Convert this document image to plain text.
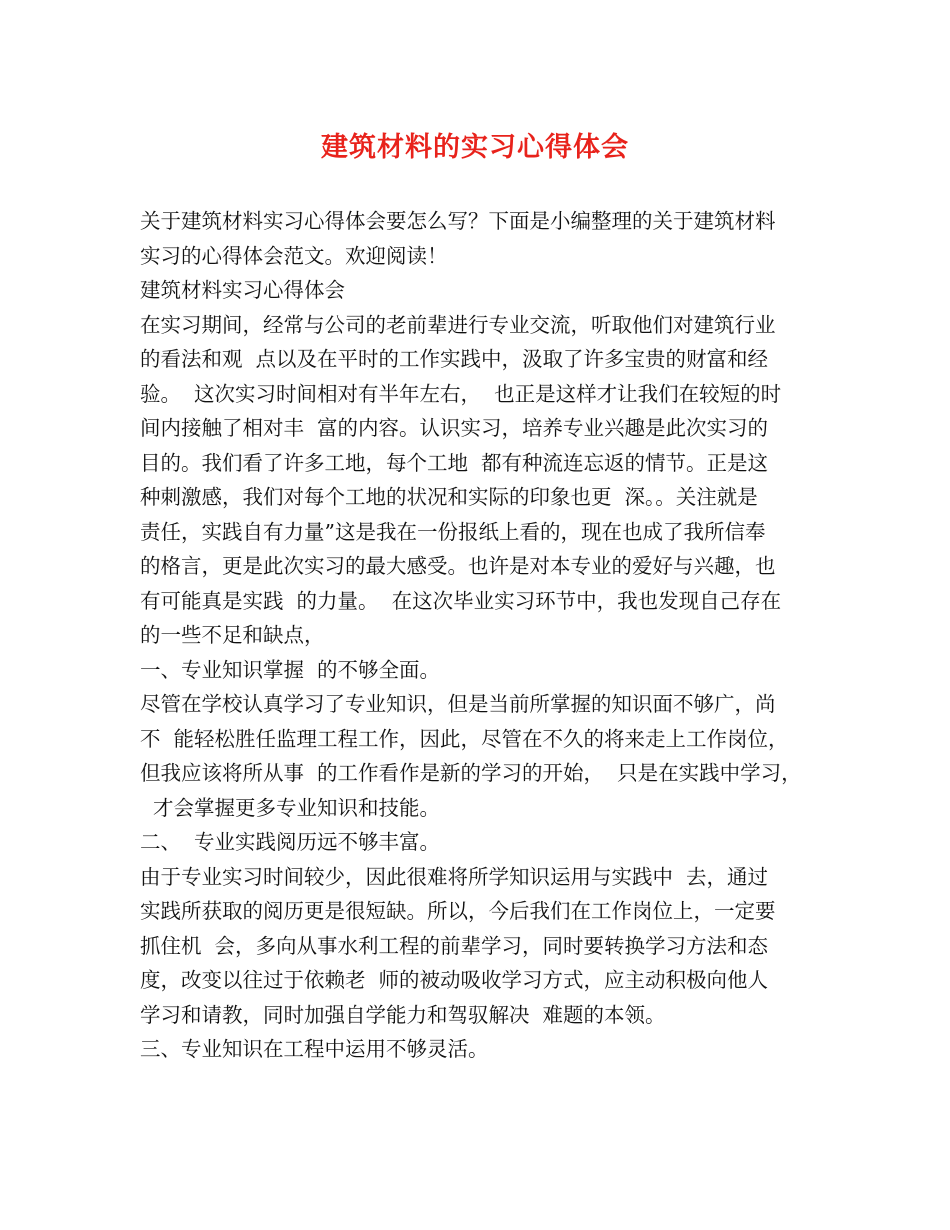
建筑材料的实习心得体会
关于建筑材料实习心得体会要怎么写？下面是小编整理的关于建筑材料
实习的心得体会范文。欢迎阅读！
建筑材料实习心得体会
在实习期间，经常与公司的老前辈进行专业交流，听取他们对建筑行业
的看法和观  点以及在平时的工作实践中，汲取了许多宝贵的财富和经
验。  这次实习时间相对有半年左右，  也正是这样才让我们在较短的时
间内接触了相对丰  富的内容。认识实习，培养专业兴趣是此次实习的
目的。我们看了许多工地，每个工地  都有种流连忘返的情节。正是这
种刺激感，我们对每个工地的状况和实际的印象也更  深。。关注就是
责任，实践自有力量”这是我在一份报纸上看的，现在也成了我所信奉
的格言，更是此次实习的最大感受。也许是对本专业的爱好与兴趣，也
有可能真是实践  的力量。  在这次毕业实习环节中，我也发现自己存在
的一些不足和缺点，
一、专业知识掌握  的不够全面。
尽管在学校认真学习了专业知识，但是当前所掌握的知识面不够广，尚
不  能轻松胜任监理工程工作，因此，尽管在不久的将来走上工作岗位，
但我应该将所从事  的工作看作是新的学习的开始，  只是在实践中学习，
才会掌握更多专业知识和技能。
二、  专业实践阅历远不够丰富。
由于专业实习时间较少，因此很难将所学知识运用与实践中  去，通过
实践所获取的阅历更是很短缺。所以，今后我们在工作岗位上，一定要
抓住机  会，多向从事水利工程的前辈学习，同时要转换学习方法和态
度，改变以往过于依赖老  师的被动吸收学习方式，应主动积极向他人
学习和请教，同时加强自学能力和驾驭解决  难题的本领。
三、专业知识在工程中运用不够灵活。
